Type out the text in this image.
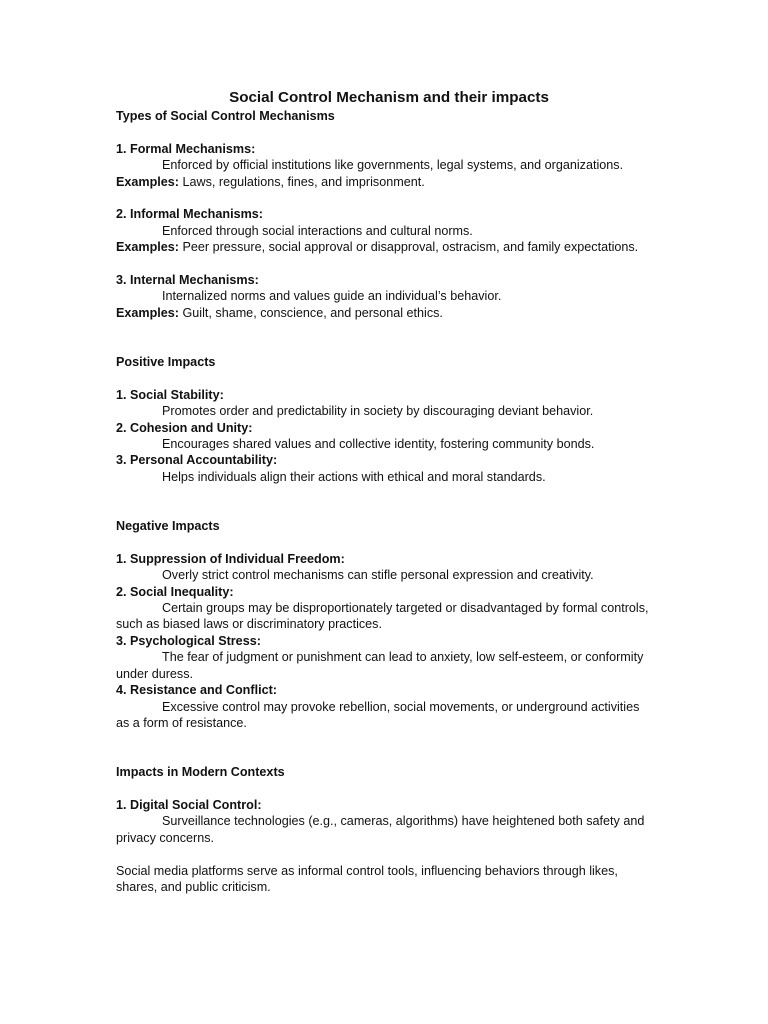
Social Control Mechanism and their impacts

Types of Social Control Mechanisms

1. Formal Mechanisms:

Enforced by official institutions like governments, legal systems, and organizations.

Examples: Laws, regulations, fines, and imprisonment.

2. Informal Mechanisms:

Enforced through social interactions and cultural norms.

Examples: Peer pressure, social approval or disapproval, ostracism, and family expectations.

3. Internal Mechanisms:

Internalized norms and values guide an individual’s behavior.

Examples: Guilt, shame, conscience, and personal ethics.

Positive Impacts

1. Social Stability:

Promotes order and predictability in society by discouraging deviant behavior.

2. Cohesion and Unity:

Encourages shared values and collective identity, fostering community bonds.

3. Personal Accountability:

Helps individuals align their actions with ethical and moral standards.

Negative Impacts

1. Suppression of Individual Freedom:

Overly strict control mechanisms can stifle personal expression and creativity.

2. Social Inequality:

Certain groups may be disproportionately targeted or disadvantaged by formal controls, such as biased laws or discriminatory practices.

3. Psychological Stress:

The fear of judgment or punishment can lead to anxiety, low self-esteem, or conformity under duress.

4. Resistance and Conflict:

Excessive control may provoke rebellion, social movements, or underground activities as a form of resistance.

Impacts in Modern Contexts

1. Digital Social Control:

Surveillance technologies (e.g., cameras, algorithms) have heightened both safety and privacy concerns.

Social media platforms serve as informal control tools, influencing behaviors through likes, shares, and public criticism.
